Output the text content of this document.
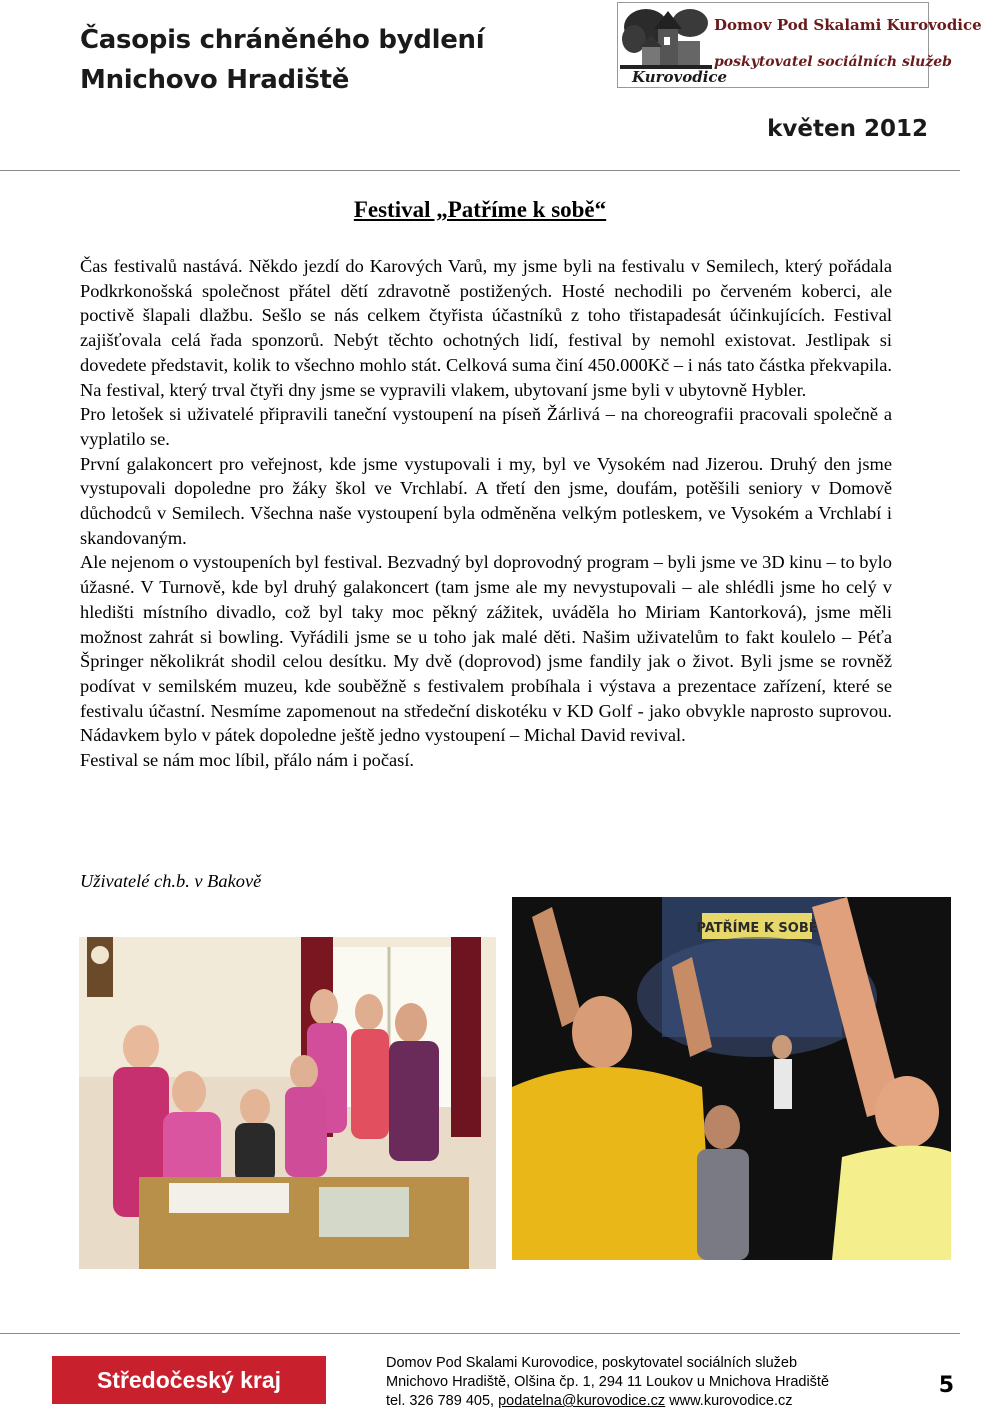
Časopis chráněného bydlení
Mnichovo Hradiště	Kurovodice
Domov Pod Skalami Kurovodice
poskytovatel sociálních služeb
květen 2012
Festival „Patříme k sobě“

Čas festivalů nastává. Někdo jezdí do Karových Varů, my jsme byli na festivalu v Semilech, který pořádala Podkrkonošská společnost přátel dětí zdravotně postižených. Hosté nechodili po červeném koberci, ale poctivě šlapali dlažbu. Sešlo se nás celkem čtyřista účastníků z toho třistapadesát účinkujících. Festival zajišťovala celá řada sponzorů. Nebýt těchto ochotných lidí, festival by nemohl existovat. Jestlipak si dovedete představit, kolik to všechno mohlo stát. Celková suma činí 450.000Kč – i nás tato částka překvapila. Na festival, který trval čtyři dny jsme se vypravili vlakem, ubytovaní jsme byli v ubytovně Hybler.

Pro letošek si uživatelé připravili taneční vystoupení na píseň Žárlivá – na choreografii pracovali společně a vyplatilo se.

První galakoncert pro veřejnost, kde jsme vystupovali i my, byl ve Vysokém nad Jizerou. Druhý den jsme vystupovali dopoledne pro žáky škol ve Vrchlabí. A třetí den jsme, doufám, potěšili seniory v Domově důchodců v Semilech. Všechna naše vystoupení byla odměněna velkým potleskem, ve Vysokém a Vrchlabí i skandovaným.

Ale nejenom o vystoupeních byl festival. Bezvadný byl doprovodný program – byli jsme ve 3D kinu – to bylo úžasné. V Turnově, kde byl druhý galakoncert (tam jsme ale my nevystupovali – ale shlédli jsme ho celý v hledišti místního divadlo, což byl taky moc pěkný zážitek, uváděla ho Miriam Kantorková), jsme měli možnost zahrát si bowling. Vyřádili jsme se u toho jak malé děti. Našim uživatelům to fakt koulelo – Péťa Špringer několikrát shodil celou desítku. My dvě (doprovod) jsme fandily jak o život. Byli jsme se rovněž podívat v semilském muzeu, kde souběžně s festivalem probíhala i výstava a prezentace zařízení, které se festivalu účastní. Nesmíme zapomenout na středeční diskotéku v KD Golf - jako obvykle naprosto suprovou. Nádavkem bylo v pátek dopoledne ještě jedno vystoupení – Michal David revival.

Festival se nám moc líbil, přálo nám i počasí.

Uživatelé ch.b. v Bakově
PATŘÍME K SOBĚ
Středočeský kraj
Domov Pod Skalami Kurovodice, poskytovatel sociálních služeb
Mnichovo Hradiště, Olšina čp. 1, 294 11 Loukov u Mnichova Hradiště
tel. 326 789 405, podatelna@kurovodice.cz www.kurovodice.cz
5
